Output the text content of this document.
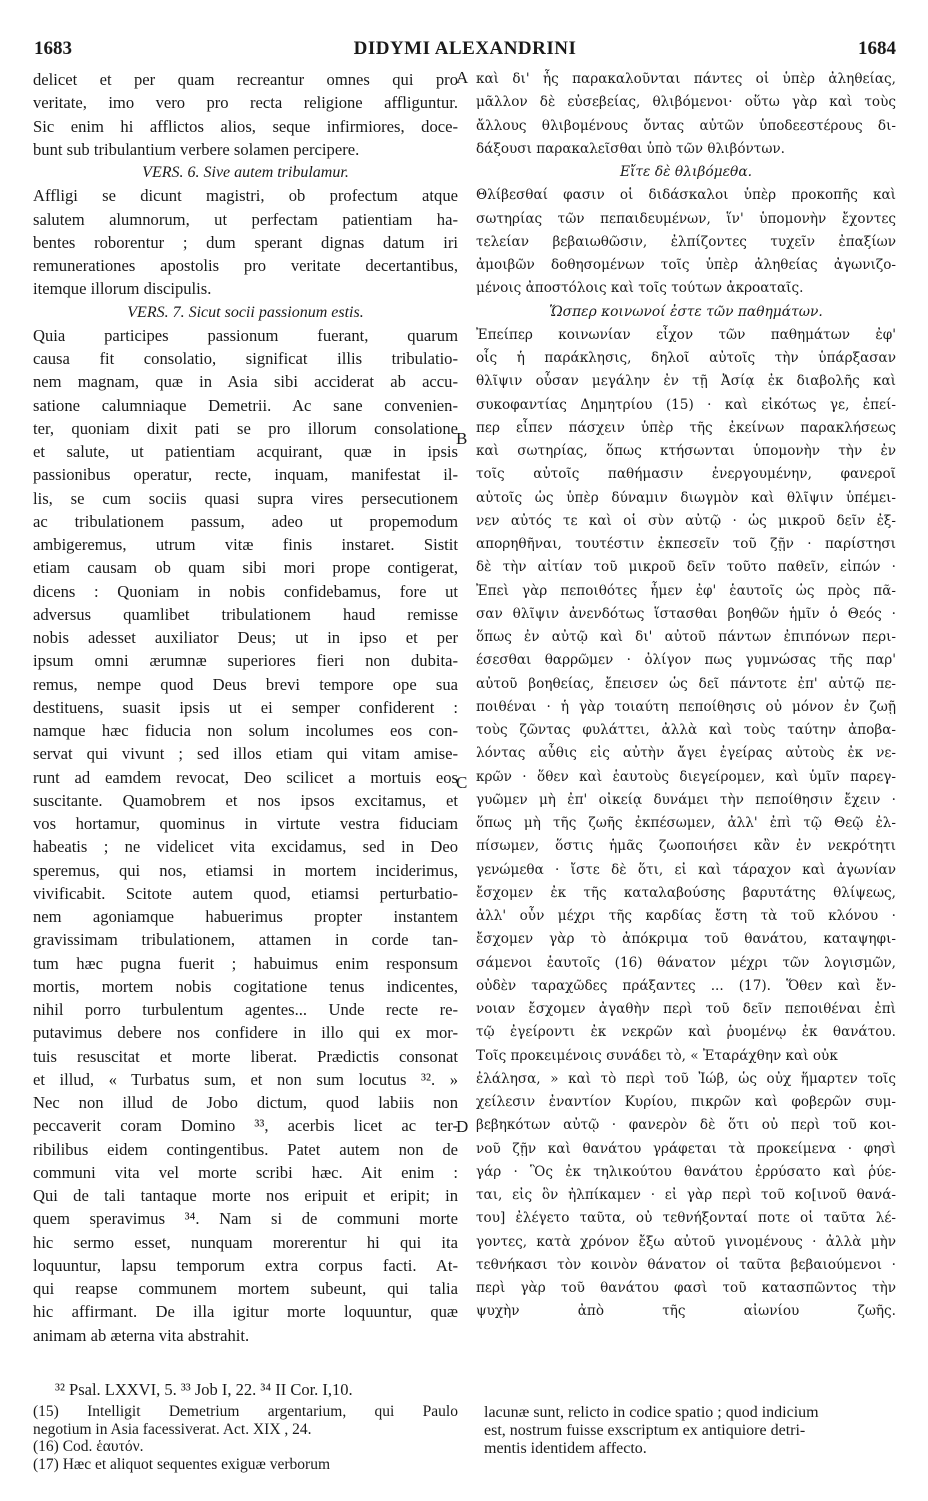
1683	DIDYMI ALEXANDRINI	1684
delicet et per quam recreantur omnes qui pro
veritate, imo vero pro recta religione affliguntur.
Sic enim hi afflictos alios, seque infirmiores, doce-
bunt sub tribulantium verbere solamen percipere.
VERS. 6. Sive autem tribulamur.
Affligi se dicunt magistri, ob profectum atque
salutem alumnorum, ut perfectam patientiam ha-
bentes roborentur ; dum sperant dignas datum iri
remunerationes apostolis pro veritate decertantibus,
itemque illorum discipulis.
VERS. 7. Sicut socii passionum estis.
Quia participes passionum fuerant, quarum
causa fit consolatio, significat illis tribulatio-
nem magnam, quæ in Asia sibi acciderat ab accu-
satione calumniaque Demetrii. Ac sane convenien-
ter, quoniam dixit pati se pro illorum consolatione
et salute, ut patientiam acquirant, quæ in ipsis
passionibus operatur, recte, inquam, manifestat il-
lis, se cum sociis quasi supra vires persecutionem
ac tribulationem passum, adeo ut propemodum
ambigeremus, utrum vitæ finis instaret. Sistit
etiam causam ob quam sibi mori prope contigerat,
dicens : Quoniam in nobis confidebamus, fore ut
adversus quamlibet tribulationem haud remisse
nobis adesset auxiliator Deus; ut in ipso et per
ipsum omni ærumnæ superiores fieri non dubita-
remus, nempe quod Deus brevi tempore ope sua
destituens, suasit ipsis ut ei semper confiderent :
namque hæc fiducia non solum incolumes eos con-
servat qui vivunt ; sed illos etiam qui vitam amise-
runt ad eamdem revocat, Deo scilicet a mortuis eos
suscitante. Quamobrem et nos ipsos excitamus, et
vos hortamur, quominus in virtute vestra fiduciam
habeatis ; ne videlicet vita excidamus, sed in Deo
speremus, qui nos, etiamsi in mortem inciderimus,
vivificabit. Scitote autem quod, etiamsi perturbatio-
nem agoniamque habuerimus propter instantem
gravissimam tribulationem, attamen in corde tan-
tum hæc pugna fuerit ; habuimus enim responsum
mortis, mortem nobis cogitatione tenus indicentes,
nihil porro turbulentum agentes... Unde recte re-
putavimus debere nos confidere in illo qui ex mor-
tuis resuscitat et morte liberat. Prædictis consonat
et illud, « Turbatus sum, et non sum locutus ³². »
Nec non illud de Jobo dictum, quod labiis non
peccaverit coram Domino ³³, acerbis licet ac ter-
ribilibus eidem contingentibus. Patet autem non de
communi vita vel morte scribi hæc. Ait enim :
Qui de tali tantaque morte nos eripuit et eripit; in
quem speravimus ³⁴. Nam si de communi morte
hic sermo esset, nunquam morerentur hi qui ita
loquuntur, lapsu temporum extra corpus facti. At-
qui reapse communem mortem subeunt, qui talia
hic affirmant. De illa igitur morte loquuntur, quæ
animam ab æterna vita abstrahit.
καὶ δι' ἧς παρακαλοῦνται πάντες οἱ ὑπὲρ ἀληθείας,
μᾶλλον δὲ εὐσεβείας, θλιβόμενοι· οὕτω γὰρ καὶ τοὺς
ἄλλους θλιβομένους ὄντας αὐτῶν ὑποδεεστέρους δι-
δάξουσι παρακαλεῖσθαι ὑπὸ τῶν θλιβόντων.
Εἴτε δὲ θλιβόμεθα.
Θλίβεσθαί φασιν οἱ διδάσκαλοι ὑπὲρ προκοπῆς καὶ
σωτηρίας τῶν πεπαιδευμένων, ἵν' ὑπομονὴν ἔχοντες
τελείαν βεβαιωθῶσιν, ἐλπίζοντες τυχεῖν ἐπαξίων
ἀμοιβῶν δοθησομένων τοῖς ὑπὲρ ἀληθείας ἀγωνιζο-
μένοις ἀποστόλοις καὶ τοῖς τούτων ἀκροαταῖς.
Ὥσπερ κοινωνοί ἐστε τῶν παθημάτων.
Ἐπείπερ κοινωνίαν εἶχον τῶν παθημάτων ἐφ'
οἷς ἡ παράκλησις, δηλοῖ αὐτοῖς τὴν ὑπάρξασαν
θλῖψιν οὖσαν μεγάλην ἐν τῇ Ἀσίᾳ ἐκ διαβολῆς καὶ
συκοφαντίας Δημητρίου (15) · καὶ εἰκότως γε, ἐπεί-
περ εἶπεν πάσχειν ὑπὲρ τῆς ἐκείνων παρακλήσεως
καὶ σωτηρίας, ὅπως κτήσωνται ὑπομονὴν τὴν ἐν
τοῖς αὐτοῖς παθήμασιν ἐνεργουμένην, φανεροῖ
αὐτοῖς ὡς ὑπὲρ δύναμιν διωγμὸν καὶ θλῖψιν ὑπέμει-
νεν αὐτός τε καὶ οἱ σὺν αὐτῷ · ὡς μικροῦ δεῖν ἐξ-
απορηθῆναι, τουτέστιν ἐκπεσεῖν τοῦ ζῇν · παρίστησι
δὲ τὴν αἰτίαν τοῦ μικροῦ δεῖν τοῦτο παθεῖν, εἰπών ·
Ἐπεὶ γὰρ πεποιθότες ἦμεν ἐφ' ἑαυτοῖς ὡς πρὸς πᾶ-
σαν θλῖψιν ἀνενδότως ἵστασθαι βοηθῶν ἡμῖν ὁ Θεός ·
ὅπως ἐν αὐτῷ καὶ δι' αὐτοῦ πάντων ἐπιπόνων περι-
έσεσθαι θαρρῶμεν · ὀλίγον πως γυμνώσας τῆς παρ'
αὐτοῦ βοηθείας, ἔπεισεν ὡς δεῖ πάντοτε ἐπ' αὐτῷ πε-
ποιθέναι · ἡ γὰρ τοιαύτη πεποίθησις οὐ μόνον ἐν ζωῇ
τοὺς ζῶντας φυλάττει, ἀλλὰ καὶ τοὺς ταύτην ἀποβα-
λόντας αὖθις εἰς αὐτὴν ἄγει ἐγείρας αὐτοὺς ἐκ νε-
κρῶν · ὅθεν καὶ ἑαυτοὺς διεγείρομεν, καὶ ὑμῖν παρεγ-
γυῶμεν μὴ ἐπ' οἰκείᾳ δυνάμει τὴν πεποίθησιν ἔχειν ·
ὅπως μὴ τῆς ζωῆς ἐκπέσωμεν, ἀλλ' ἐπὶ τῷ Θεῷ ἐλ-
πίσωμεν, ὅστις ἡμᾶς ζωοποιήσει κἂν ἐν νεκρότητι
γενώμεθα · ἴστε δὲ ὅτι, εἰ καὶ τάραχον καὶ ἀγωνίαν
ἔσχομεν ἐκ τῆς καταλαβούσης βαρυτάτης θλίψεως,
ἀλλ' οὖν μέχρι τῆς καρδίας ἔστη τὰ τοῦ κλόνου ·
ἔσχομεν γὰρ τὸ ἀπόκριμα τοῦ θανάτου, καταψηφι-
σάμενοι ἑαυτοῖς (16) θάνατον μέχρι τῶν λογισμῶν,
οὐδὲν ταραχῶδες πράξαντες ... (17). Ὅθεν καὶ ἔν-
νοιαν ἔσχομεν ἀγαθὴν περὶ τοῦ δεῖν πεποιθέναι ἐπὶ
τῷ ἐγείροντι ἐκ νεκρῶν καὶ ῥυομένῳ ἐκ θανάτου.
Τοῖς προκειμένοις συνάδει τὸ, « Ἐταράχθην καὶ οὐκ
ἐλάλησα, » καὶ τὸ περὶ τοῦ Ἰώβ, ὡς οὐχ ἥμαρτεν τοῖς
χείλεσιν ἐναντίον Κυρίου, πικρῶν καὶ φοβερῶν συμ-
βεβηκότων αὐτῷ · φανερὸν δὲ ὅτι οὐ περὶ τοῦ κοι-
νοῦ ζῇν καὶ θανάτου γράφεται τὰ προκείμενα · φησὶ
γάρ · Ὃς ἐκ τηλικούτου θανάτου ἐρρύσατο καὶ ῥύε-
ται, εἰς ὃν ἠλπίκαμεν · εἰ γὰρ περὶ τοῦ κο[ινοῦ θανά-
του] ἐλέγετο ταῦτα, οὐ τεθνήξονταί ποτε οἱ ταῦτα λέ-
γοντες, κατὰ χρόνον ἔξω αὐτοῦ γινομένους · ἀλλὰ μὴν
τεθνήκασι τὸν κοινὸν θάνατον οἱ ταῦτα βεβαιούμενοι ·
περὶ γὰρ τοῦ θανάτου φασὶ τοῦ κατασπῶντος τὴν
ψυχὴν ἀπὸ τῆς αἰωνίου ζωῆς.
A
B
C
D
³² Psal. LXXVI, 5. ³³ Job I, 22. ³⁴ II Cor. I,10.
(15) Intelligit Demetrium argentarium, qui Paulo
negotium in Asia facessiverat. Act. XIX , 24.
(16) Cod. ἑαυτόν.
(17) Hæc et aliquot sequentes exiguæ verborum
lacunæ sunt, relicto in codice spatio ; quod indicium
est, nostrum fuisse exscriptum ex antiquiore detri-
mentis identidem affecto.
